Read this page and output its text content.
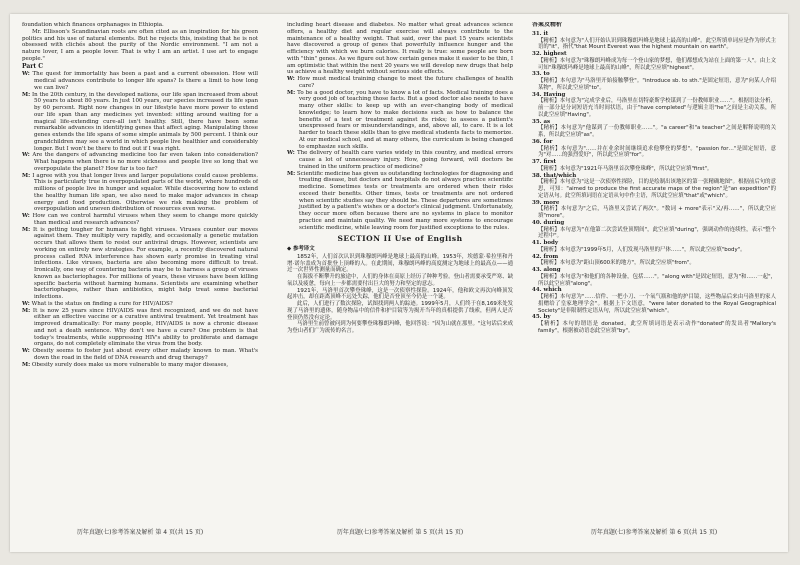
foundation which finances orphanages in Ethiopia.

Mr. Ellisson's Scandinavian roots are often cited as an inspiration for his green politics and his use of natural elements. But he rejects this, insisting that he is not obsessed with clichés about the purity of the Nordic environment. "I am not a nature lover, I am a people lover. That is why I am an artist. I use art to engage people."

Part C

W: The quest for immortality has been a past and a current obsession. How will medical advances contribute to longer life spans? Is there a limit to how long we can live?

M: In the 20th century, in the developed nations, our life span increased from about 50 years to about 80 years. In just 100 years, our species increased its life span by 60 percent. Right now changes in our lifestyle have more power to extend our life span than any medicines yet invented: sitting around waiting for a magical life-extending cure-all isn't healthy. Still, there have been some remarkable advances in identifying genes that affect aging. Manipulating those genes extends the life spans of some simple animals by 500 percent. I think our grandchildren may see a world in which people live healthier and considerably longer. But I won't be there to find out if I was right.

W: Are the dangers of advancing medicine too far even taken into consideration? What happens when there is no more sickness and people live so long that we overpopulate the planet? How far is too far?

M: I agree with you that longer lives and larger populations could cause problems. This is particularly true in overpopulated parts of the world, where hundreds of millions of people live in hunger and squalor. While discovering how to extend the healthy human life span, we also need to make major advances in cheap energy and food production. Otherwise we risk making the problem of overpopulation and uneven distribution of resources even worse.

W: How can we control harmful viruses when they seem to change more quickly than medical and research advances?

M: It is getting tougher for humans to fight viruses. Viruses counter our moves against them. They multiply very rapidly, and occasionally a genetic mutation occurs that allows them to resist our antiviral drugs. However, scientists are working on entirely new strategies. For example, a recently discovered natural process called RNA interference has shown early promise in treating viral infections. Like viruses, bacteria are also becoming more difficult to treat. Ironically, one way of countering bacteria may be to harness a group of viruses known as bacteriophages. For millions of years, these viruses have been killing specific bacteria without harming humans. Scientists are examining whether bacteriophages, rather than antibiotics, might help treat some bacterial infections.

W: What is the status on finding a cure for HIV/AIDS?

M: It is now 25 years since HIV/AIDS was first recognized, and we do not have either an effective vaccine or a curative antiviral treatment. Yet treatment has improved dramatically: For many people, HIV/AIDS is now a chronic disease and not a death sentence. Why don't we have a cure? One problem is that today's treatments, while suppressing HIV's ability to proliferate and damage organs, do not completely eliminate the virus from the body.

W: Obesity seems to foster just about every other malady known to man. What's down the road in the field of DNA research and drug therapy?

M: Obesity surely does make us more vulnerable to many major diseases,

including heart disease and diabetes. No matter what great advances science offers, a healthy diet and regular exercise will always contribute to the maintenance of a healthy weight. That said, over the past 15 years scientists have discovered a group of genes that powerfully influence hunger and the efficiency with which we burn calories. It really is true: some people are born with "thin" genes. As we figure out how certain genes make it easier to be thin, I am optimistic that within the next 20 years we will develop new drugs that help us achieve a healthy weight without serious side effects.

W: How must medical training change to meet the future challenges of health care?

M: To be a good doctor, you have to know a lot of facts. Medical training does a very good job of teaching those facts. But a good doctor also needs to have many other skills: to keep up with an ever-changing body of medical knowledge; to learn how to make decisions such as how to balance the benefits of a test or treatment against its risks; to assess a patient's unexpressed fears or misunderstandings, and, above all, to care. It is a lot harder to teach these skills than to give medical students facts to memorize. At our medical school, and at many others, the curriculum is being changed to emphasize such skills.

W: The delivery of health care varies widely in this country, and medical errors cause a lot of unnecessary injury. How, going forward, will doctors be trained in the uniform practice of medicine?

M: Scientific medicine has given us outstanding technologies for diagnosing and treating disease, but doctors and hospitals do not always practice scientific medicine. Sometimes tests or treatments are ordered when their risks exceed their benefits. Other times, tests or treatments are not ordered when scientific studies say they should be. These departures are sometimes justified by a patient's wishes or a doctor's clinical judgment. Unfortunately, they occur more often because there are no systems in place to monitor practice and maintain quality. We need many more systems to encourage scientific medicine, while leaving room for justified exceptions to the rules.

SECTION II Use of English

◆ 参考译文

1852年，人们首次认识到珠穆朗玛峰是地球上最高的山峰。1953年，埃德蒙·希拉里和丹增·诺尔盖成为首批登上顶峰的人。在此期间，珠穆朗玛峰的高度测定为地球上的最高点——通过一次世界性测量而确定。

在海拔不断攀升的旅途中，人们的身体在高原上经历了种种考验。登山者需要承受严寒、缺氧以及疲惫，每向上一步都需要付出巨大的努力和坚定的意志。

1921年，马洛里首次攀登珠峰，这是一次侦察性探险。1924年，他和欧文再次向峰顶发起冲击，却在距离顶峰不远处失踪，他们是否登顶至今仍是一个谜。

此后，人们进行了数次探险，试图找到两人的踪迹。1999年5月，人们终于在8,169米处发现了马洛里的遗体，随身物品中的信件和护目镜等为揭开当年的真相提供了线索，但两人是否登顶仍然没有定论。

马洛里生前曾被问到为何要攀登珠穆朗玛峰，他回答说："因为山就在那里。"这句话后来成为登山者们广为流传的名言。

答案及精析

31. it

【精析】本句意为"人们开始认识到珠穆朗玛峰是地球上最高的山峰"。此空所填单词应是作为形式主语的"it"，指代"that Mount Everest was the highest mountain on earth"。

32. highest

【精析】本句意为"珠穆朗玛峰成为每一个登山家的梦想，他们都想成为站在上面的第一人"。由上文可知"珠穆朗玛峰是地球上最高的山峰"，所以此空应填"highest"。

33. to

【精析】本句意为"马洛里开始接触攀登"。"introduce sb. to sth."是固定短语，意为"向某人介绍某物"，所以此空应填"to"。

34. Having

【精析】本句意为"完成学业后，马洛里在切特豪斯学校谋到了一份教师职业……"。根据语法分析，前一部分是分词短语充当时间状语，由于"have completed"与逻辑主语"he"之间是主动关系，所以此空应填"Having"。

35. as

【精析】本句意为"他谋到了一份教师职业……"。"a career"和"a teacher"之间是解释说明的关系，所以此空应填"as"。

36. for

【精析】本句意为"……并在业余时间继续追求他攀登的梦想"。"passion for…"是固定短语，意为"对……的强烈爱好"，所以此空应填"for"。

37. first

【精析】本句意为"1921年马洛里首次攀登珠峰"，所以此空应填"first"。

38. that/which

【精析】本句意为"这是一次侦察性探险，目的是绘制出该地区的第一张精确地图"。根据前后句的意思，可知："aimed to produce the first accurate maps of the region"是"an expedition"的定语从句。此空所填词语在定语从句中作主语，所以此空应填"that"或"which"。

39. more

【精析】本句意为"之后，马洛里又尝试了两次"。"数词 + more"表示"又/再……"，所以此空应填"more"。

40. during

【精析】本句意为"在他第二次尝试登顶期间"，此空应填"during"，强调动作的连续性，表示"整个过程中"。

41. body

【精析】本句意为"1999年5月，人们发现马洛里的尸体……"，所以此空应填"body"。

42. from

【精析】本句意为"距山顶600米的地方"，所以此空应填"from"。

43. along

【精析】本句意为"和他们的各种设备，包括……"。"along with"是固定短语，意为"和……一起"，所以此空应填"along"。

44. which

【精析】本句意为"……信件、一把小刀、一个氧气瓶和他的护目镜，这些物品后来由马洛里的家人捐赠给了皇家地理学会"。根据上下文语意，"were later donated to the Royal Geographical Society"是非限制性定语从句，所以此空应填"which"。

45. by

【精析】本句的谓语是 donated。此空所填词语是表示动作"donated"的发出者"Mallory's family"，根据被动语态此空应填"by"。

历年真题(七)参考答案及解析 第 4 页(共 15 页)	历年真题(七)参考答案及解析 第 5 页(共 15 页)	历年真题(七)参考答案及解析 第 6 页(共 15 页)
